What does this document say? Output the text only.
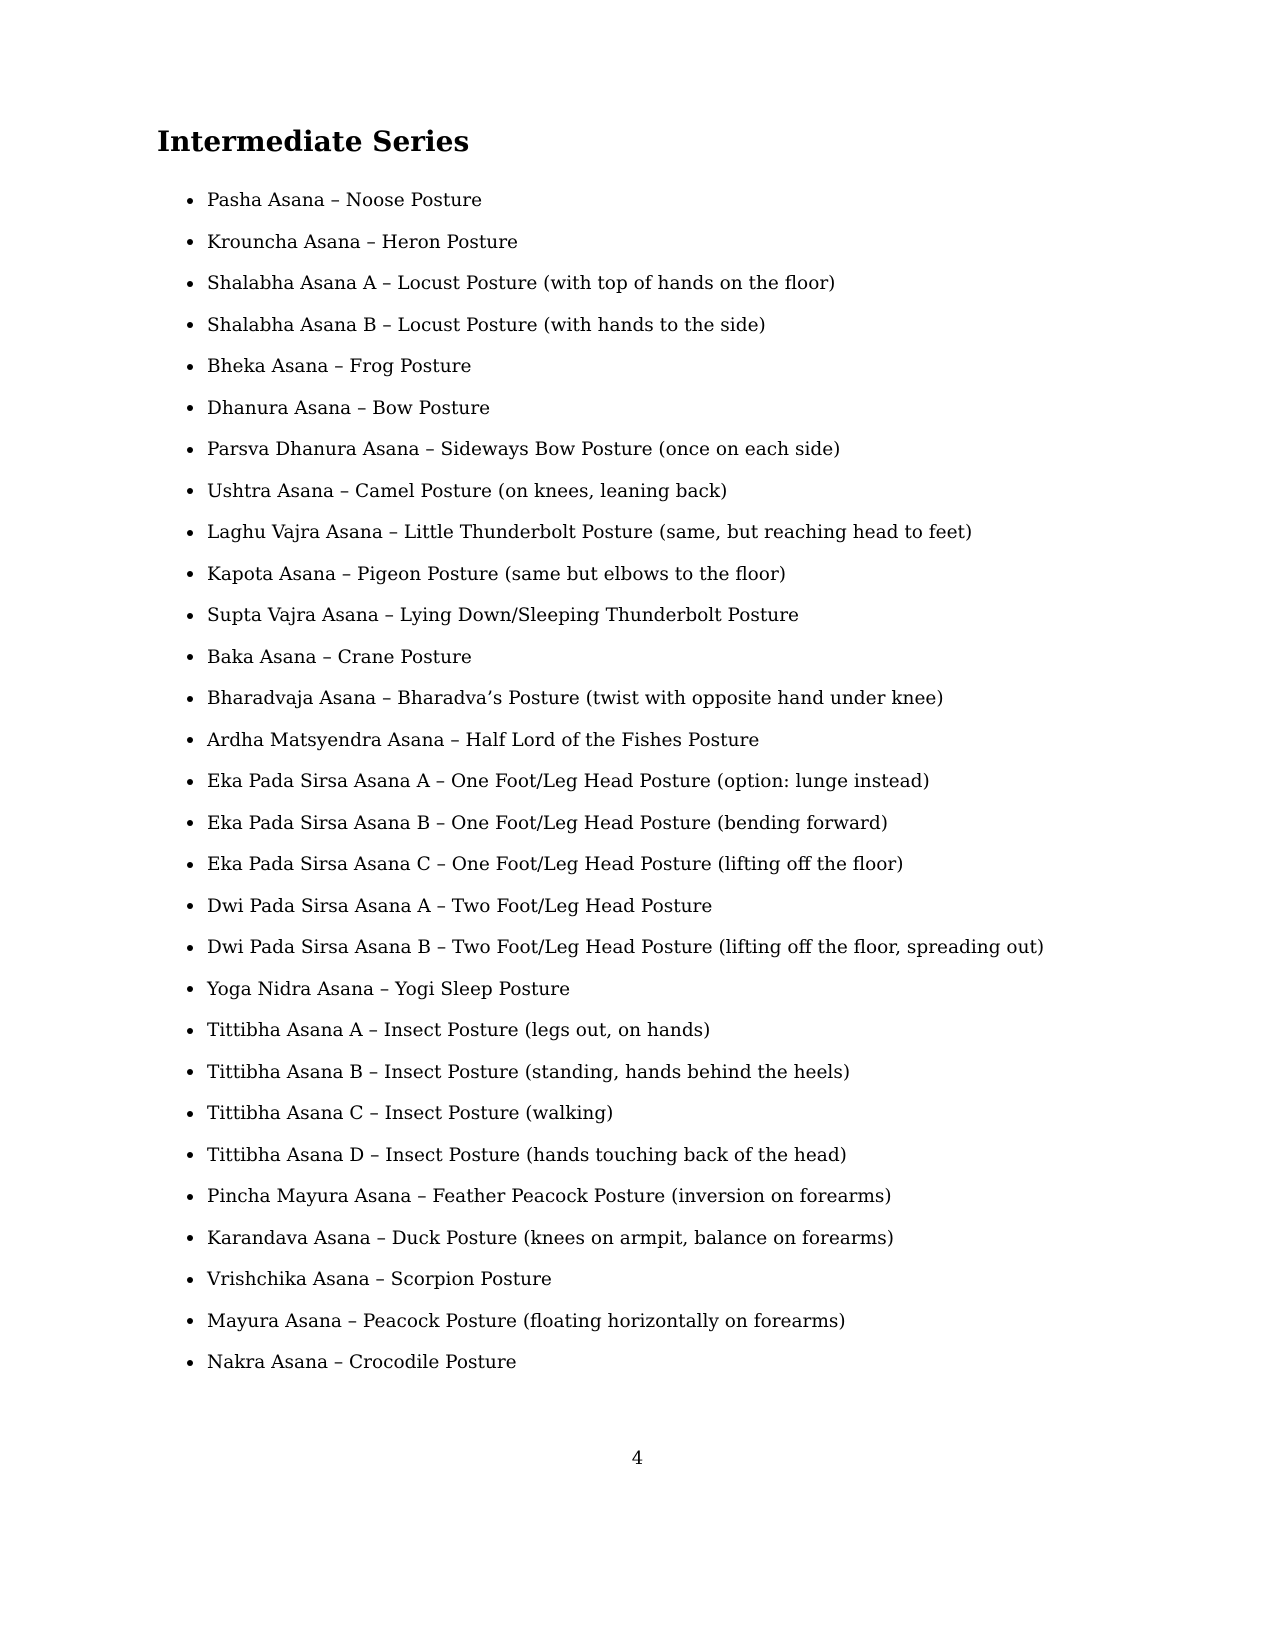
Intermediate Series
Pasha Asana – Noose Posture
Krouncha Asana – Heron Posture
Shalabha Asana A – Locust Posture (with top of hands on the floor)
Shalabha Asana B – Locust Posture (with hands to the side)
Bheka Asana – Frog Posture
Dhanura Asana – Bow Posture
Parsva Dhanura Asana – Sideways Bow Posture (once on each side)
Ushtra Asana – Camel Posture (on knees, leaning back)
Laghu Vajra Asana – Little Thunderbolt Posture (same, but reaching head to feet)
Kapota Asana – Pigeon Posture (same but elbows to the floor)
Supta Vajra Asana – Lying Down/Sleeping Thunderbolt Posture
Baka Asana – Crane Posture
Bharadvaja Asana – Bharadva’s Posture (twist with opposite hand under knee)
Ardha Matsyendra Asana – Half Lord of the Fishes Posture
Eka Pada Sirsa Asana A – One Foot/Leg Head Posture (option: lunge instead)
Eka Pada Sirsa Asana B – One Foot/Leg Head Posture (bending forward)
Eka Pada Sirsa Asana C – One Foot/Leg Head Posture (lifting off the floor)
Dwi Pada Sirsa Asana A – Two Foot/Leg Head Posture
Dwi Pada Sirsa Asana B – Two Foot/Leg Head Posture (lifting off the floor, spreading out)
Yoga Nidra Asana – Yogi Sleep Posture
Tittibha Asana A – Insect Posture (legs out, on hands)
Tittibha Asana B – Insect Posture (standing, hands behind the heels)
Tittibha Asana C – Insect Posture (walking)
Tittibha Asana D – Insect Posture (hands touching back of the head)
Pincha Mayura Asana – Feather Peacock Posture (inversion on forearms)
Karandava Asana – Duck Posture (knees on armpit, balance on forearms)
Vrishchika Asana – Scorpion Posture
Mayura Asana – Peacock Posture (floating horizontally on forearms)
Nakra Asana – Crocodile Posture
4
